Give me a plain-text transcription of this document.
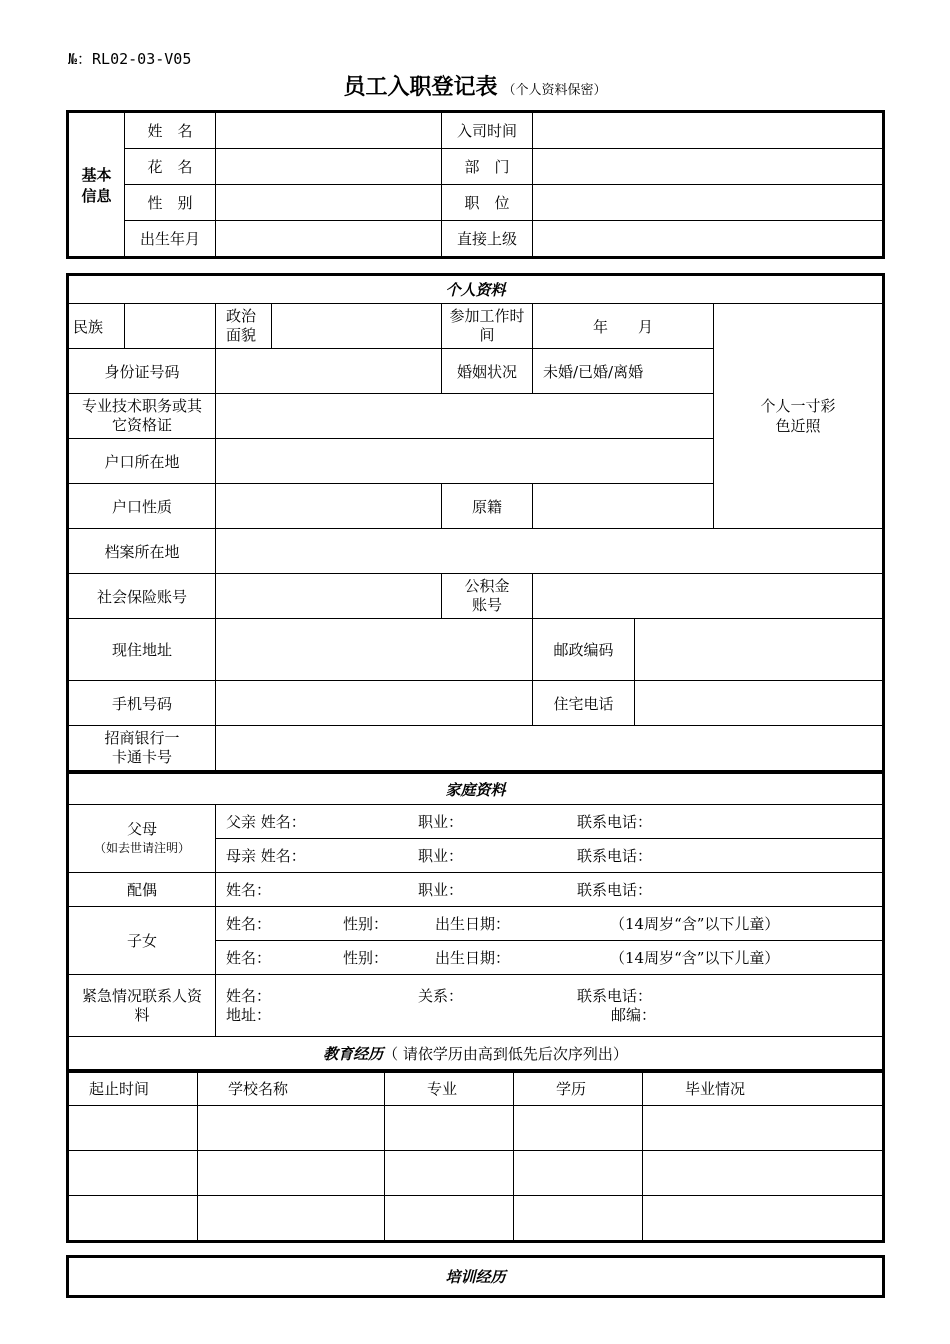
№：RL02-03-V05
员工入职登记表 （个人资料保密）
基本
信息	姓　名		入司时间	
	花　名		部　门	
	性　别		职　位	
	出生年月		直接上级	
个人资料							
民族		政治面貌		参加工作时间	年　　月		个人一寸彩色近照
身份证号码				婚姻状况	未婚/已婚/离婚		
专业技术职务或其它资格证							
户口所在地							
户口性质				原籍			
档案所在地							
社会保险账号				公积金账号			
现住地址					邮政编码		
手机号码					住宅电话		
招商银行一卡通卡号							
家庭资料	

父母
（如去世请注明）	父亲 姓名： 职业： 联系电话：
	母亲 姓名： 职业： 联系电话：
配偶	姓名： 职业： 联系电话：
子女	姓名： 性别： 出生日期： （14周岁“含”以下儿童）
	姓名： 性别： 出生日期： （14周岁“含”以下儿童）
紧急情况联系人资料	姓名： 关系： 联系电话：
地址： 邮编：

教育经历（ 请依学历由高到低先后次序列出）	
起止时间	学校名称	专业	学历	毕业情况

培训经历
